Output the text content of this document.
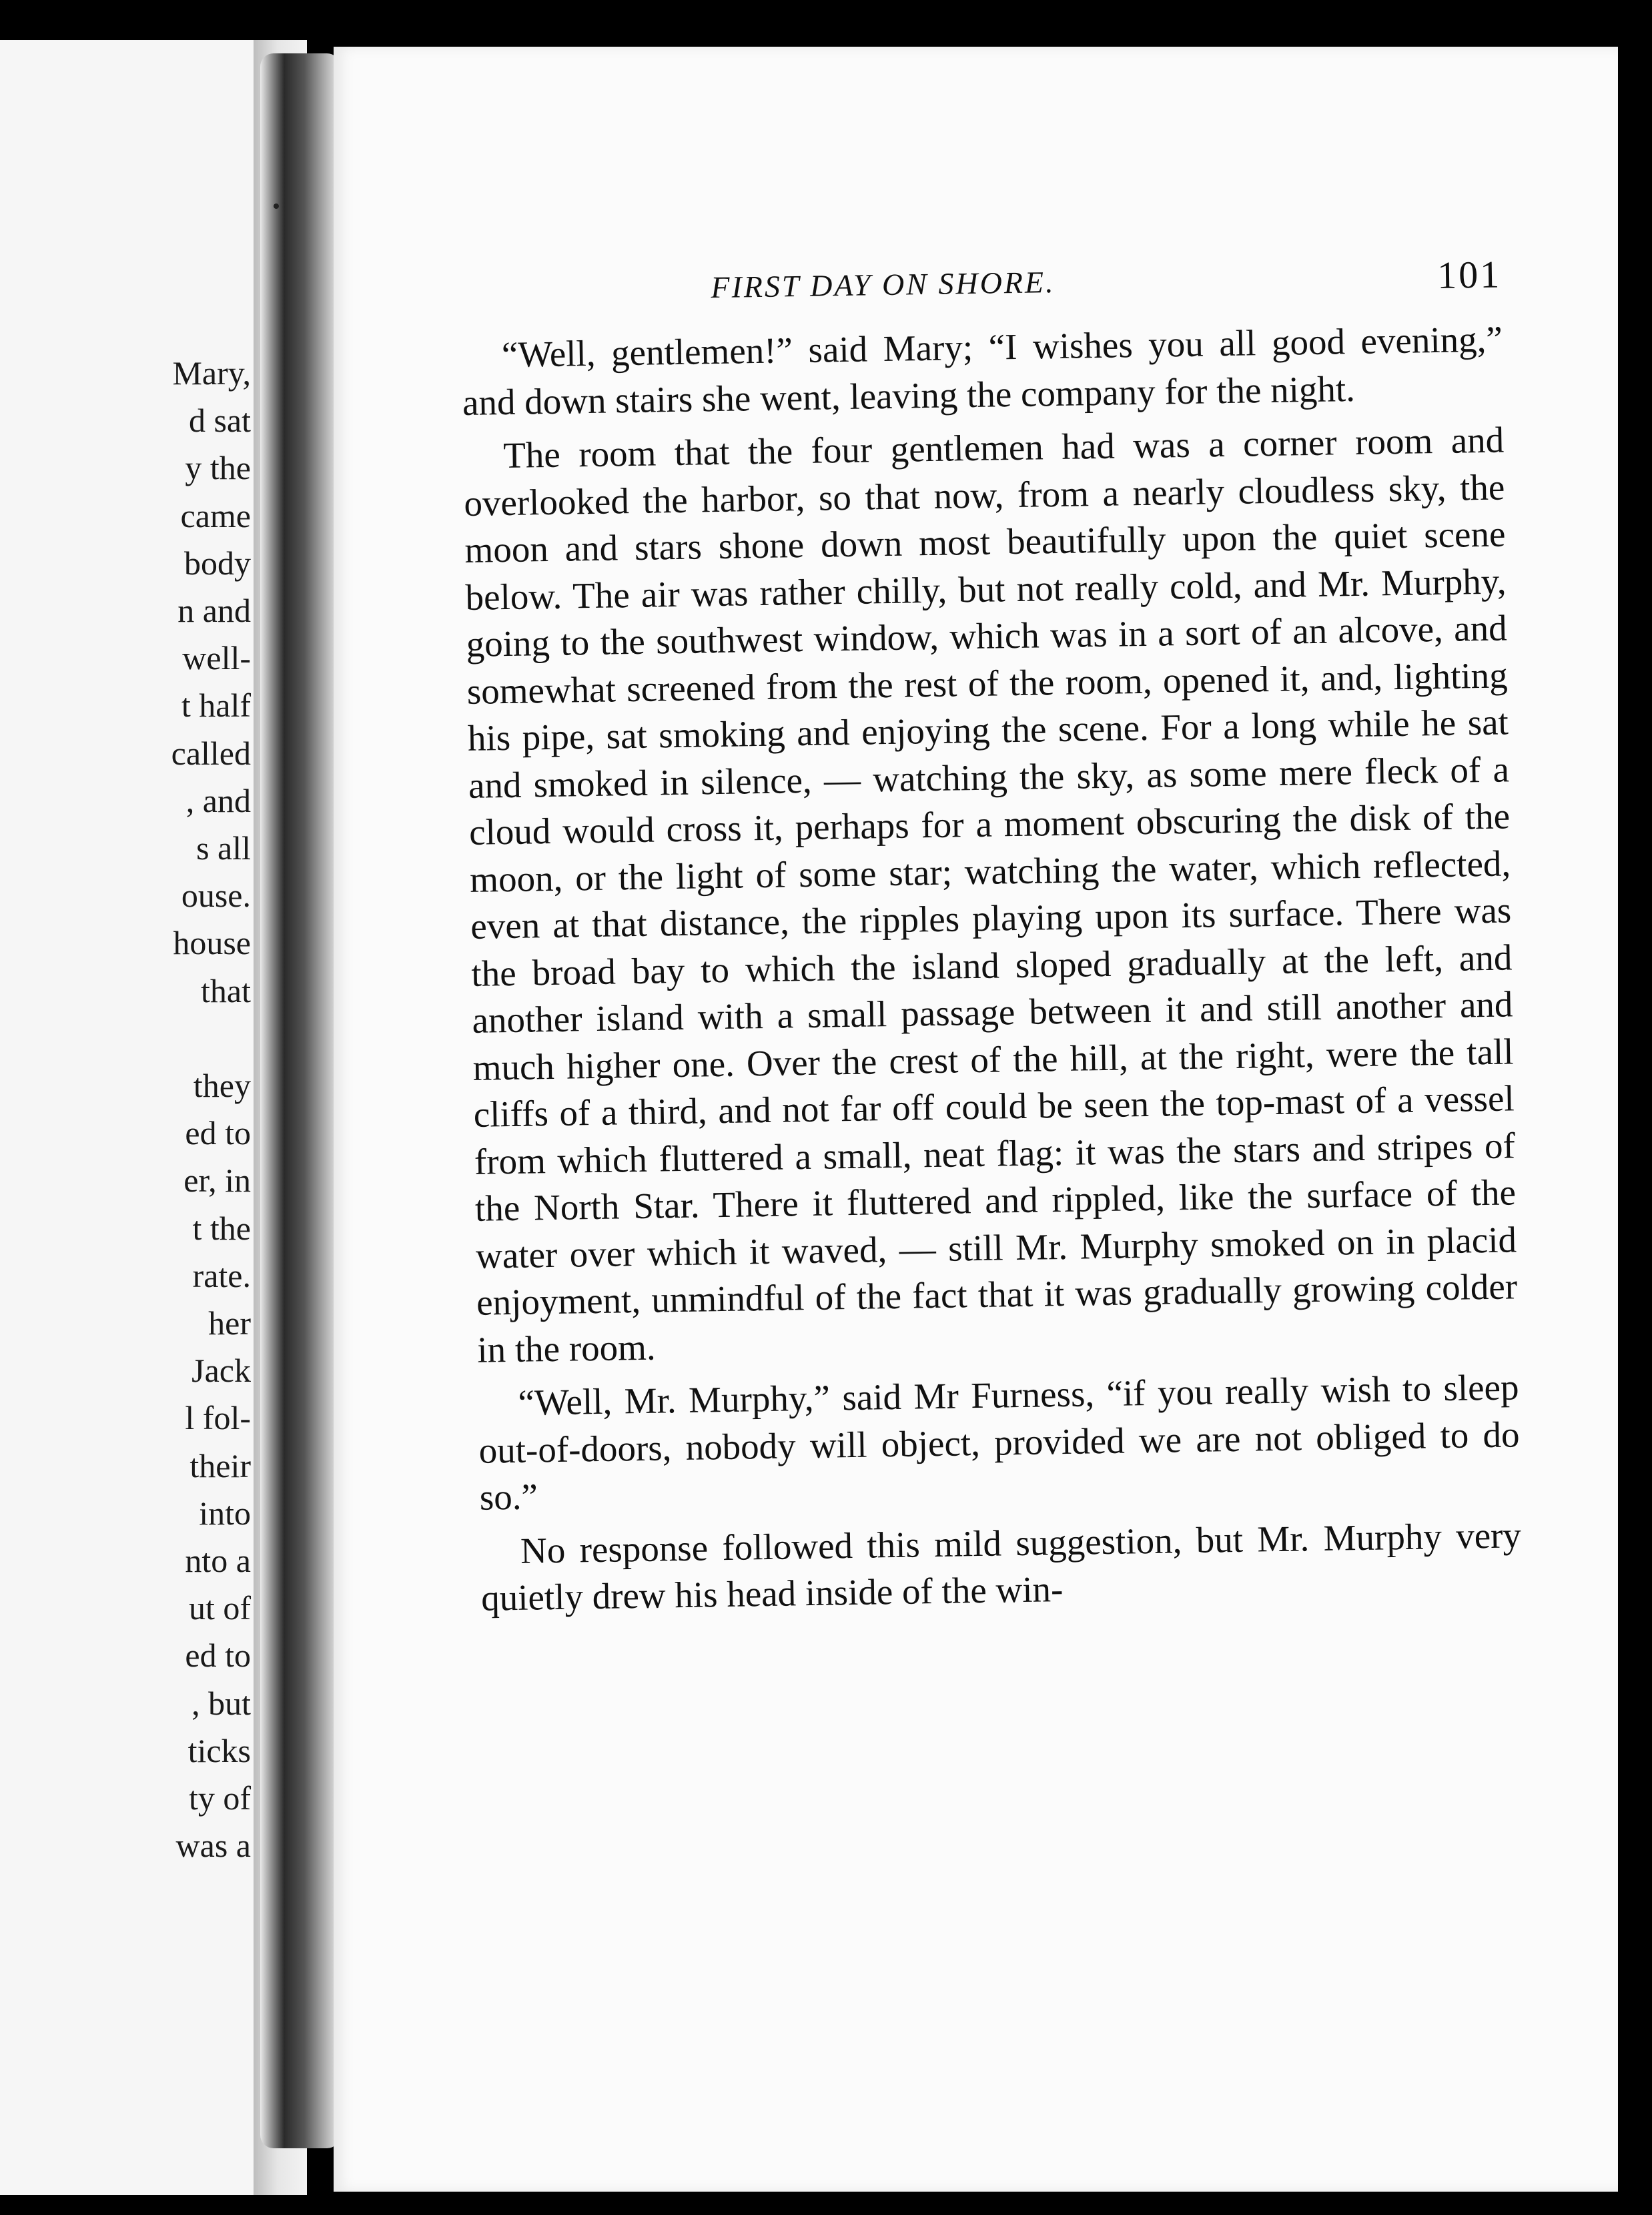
Mary,
d sat
y the
came
body
n and
well-
t half
called
, and
s all
ouse.
house
that
they
ed to
er, in
t the
rate.
her
Jack
l fol-
their
into
nto a
ut of
ed to
, but
ticks
ty of
was a
FIRST DAY ON SHORE.	101

“Well, gentlemen!” said Mary; “I wishes you all good evening,” and down stairs she went, leaving the company for the night.

The room that the four gentlemen had was a corner room and overlooked the harbor, so that now, from a nearly cloudless sky, the moon and stars shone down most beautifully upon the quiet scene below. The air was rather chilly, but not really cold, and Mr. Murphy, going to the southwest window, which was in a sort of an alcove, and somewhat screened from the rest of the room, opened it, and, lighting his pipe, sat smoking and enjoying the scene. For a long while he sat and smoked in silence, — watching the sky, as some mere fleck of a cloud would cross it, perhaps for a moment obscuring the disk of the moon, or the light of some star; watching the water, which reflected, even at that distance, the ripples playing upon its surface. There was the broad bay to which the island sloped gradually at the left, and another island with a small passage between it and still another and much higher one. Over the crest of the hill, at the right, were the tall cliffs of a third, and not far off could be seen the top-mast of a vessel from which fluttered a small, neat flag: it was the stars and stripes of the North Star. There it fluttered and rippled, like the surface of the water over which it waved, — still Mr. Murphy smoked on in placid enjoyment, unmindful of the fact that it was gradually growing colder in the room.

“Well, Mr. Murphy,” said Mr Furness, “if you really wish to sleep out-of-doors, nobody will object, provided we are not obliged to do so.”

No response followed this mild suggestion, but Mr. Murphy very quietly drew his head inside of the win-
